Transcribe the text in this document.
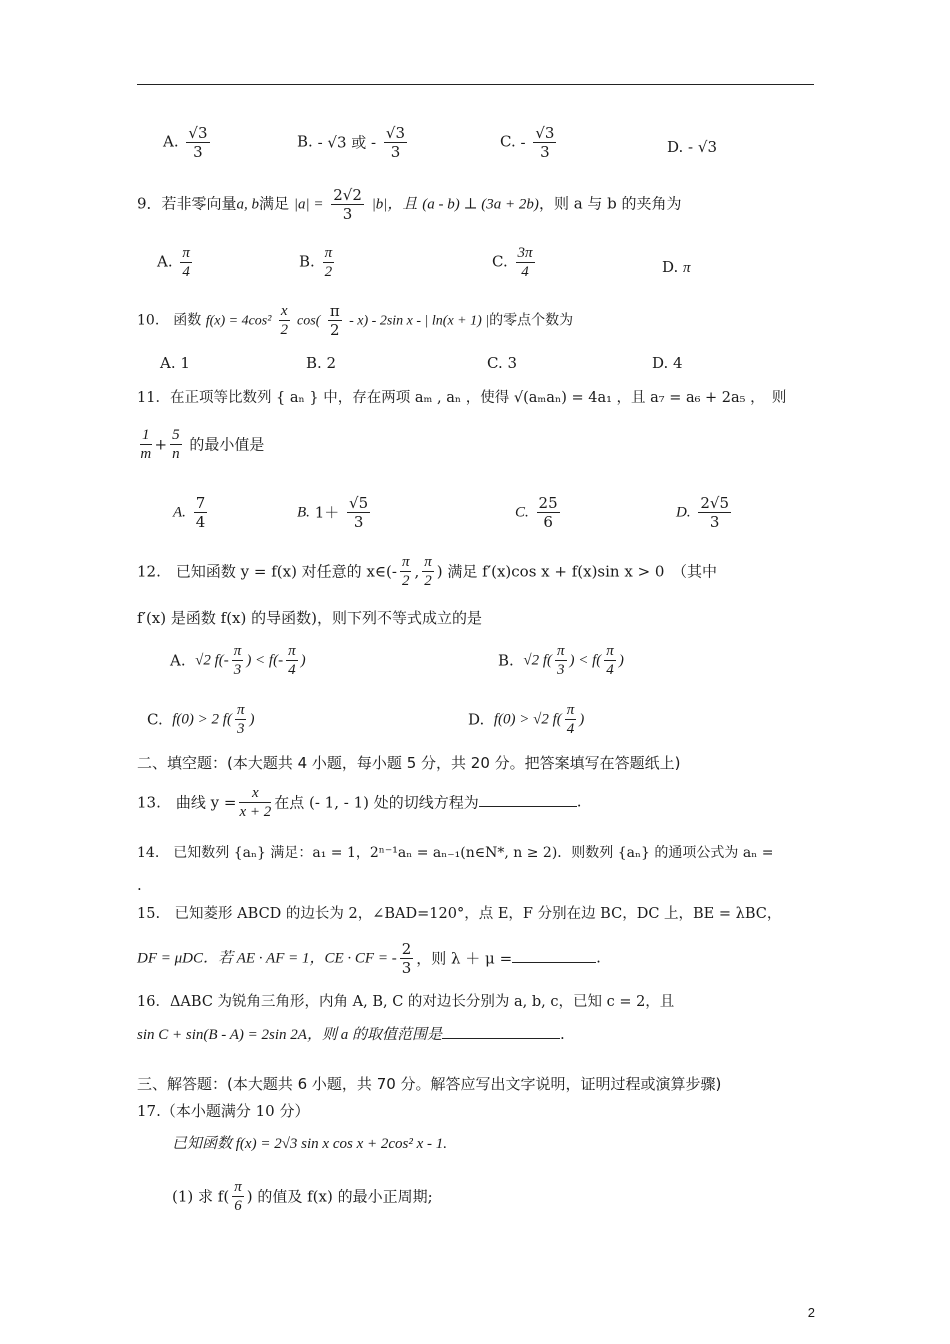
A. $\frac{√3}{3}$	B. - √3 或 - $\frac{√3}{3}$	C. - $\frac{√3}{3}$	D. - √3
9．若非零向量a, b满足 $|a| = \frac{2√2}{3} |b|$，且 (a - b) ⊥ (3a + 2b)，则 a 与 b 的夹角为
A. $\frac{\pi}{4}$	B. $\frac{\pi}{2}$	C. $\frac{3\pi}{4}$	D. π
10.　函数 $f(x) = 4\cos^2 \frac{x}{2} \cos( \frac{\pi}{2} - x) - 2\sin$ x - | ln(x + 1) |的零点个数为
A. 1	B. 2	C. 3	D. 4
11．在正项等比数列 { aₙ } 中，存在两项 aₘ , aₙ ，使得 √(aₘaₙ) = 4a₁ ，且 a₇ = a₆ + 2a₅ ，　则
$\frac{1}{m} + \frac{5}{n}$ 的最小值是
A. $\frac{7}{4}$	B. $1+ \frac{√5}{3}$	C. $\frac{25}{6}$	D. $\frac{2√5}{3}$
12.　已知函数 y = f(x) 对任意的 x∈(- $\frac{\pi}{2}$ , $\frac{\pi}{2}$ ) 满足 f′(x)cos x + f(x)sin x > 0　（其中
f′(x) 是函数 f(x) 的导函数)，则下列不等式成立的是
A. √2 $f(- \frac{\pi}{3}$ ) < $f(- \frac{\pi}{4}$ )	B. √2 $f( \frac{\pi}{3}$ ) < $f( \frac{\pi}{4}$ )
C. f(0) > 2 $f( \frac{\pi}{3}$ )	D. f(0) > √2 $f( \frac{\pi}{4}$ )
二、填空题：(本大题共 4 小题，每小题 5 分，共 20 分。把答案填写在答题纸上)
13.　曲线 $y = \frac{x}{x + 2}$ 在点 (- 1, - 1) 处的切线方程为	.
14.　已知数列 {aₙ} 满足：a₁ = 1，2ⁿ⁻¹aₙ = aₙ₋₁(n∈N*, n ≥ 2)．则数列 {aₙ} 的通项公式为 aₙ =
.
15.　已知菱形 ABCD 的边长为 2，∠BAD=120°，点 E，F 分别在边 BC，DC 上，BE = λBC，
DF = μDC．若 AE · AF = 1，CE · CF = - $\frac{2}{3}$ ，则 λ ＋ μ =	.
16．ΔABC 为锐角三角形，内角 A, B, C 的对边长分别为 a, b, c，已知 c = 2，且
sin C + sin(B - A) = 2sin 2A，则 a 的取值范围是	.
三、解答题：(本大题共 6 小题，共 70 分。解答应写出文字说明，证明过程或演算步骤)
17.（本小题满分 10 分）
已知函数 f(x) = 2√3 sin x cos x + 2cos² x - 1.
(1) 求 $f( \frac{\pi}{6}$ ) 的值及 f(x) 的最小正周期;
2
